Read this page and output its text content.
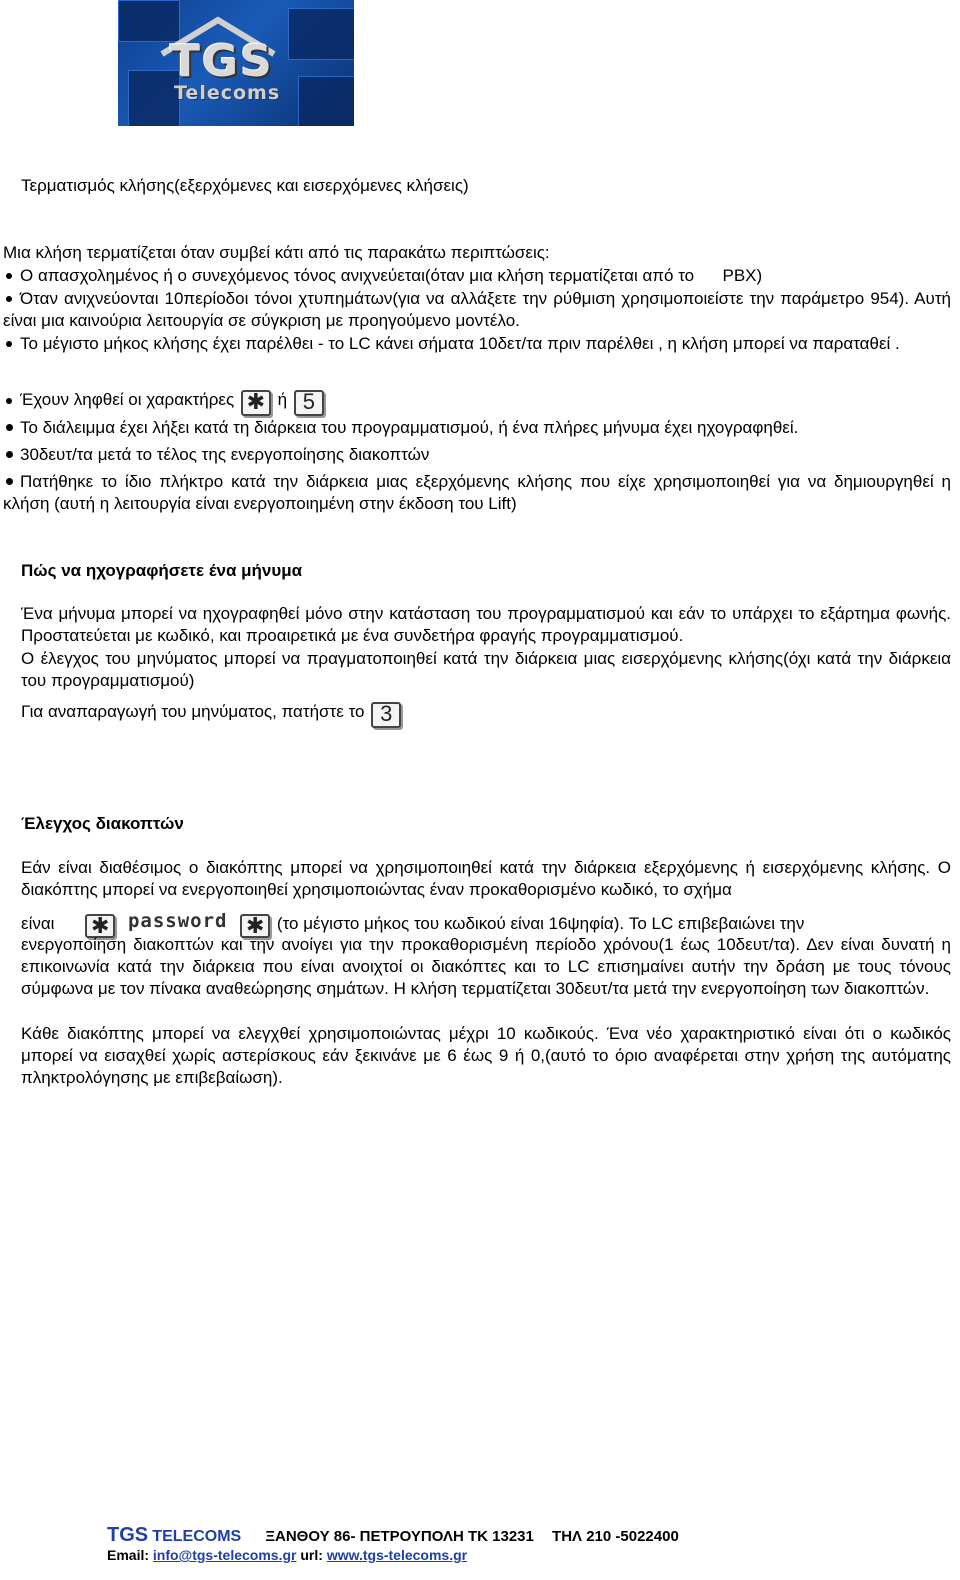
TGS
Telecoms
Τερματισμός κλήσης(εξερχόμενες και εισερχόμενες κλήσεις)

Μια κλήση τερματίζεται όταν συμβεί κάτι από τις παρακάτω περιπτώσεις:

Ο απασχολημένος ή ο συνεχόμενος τόνος ανιχνεύεται(όταν μια κλήση τερματίζεται από το      PBX)

Όταν ανιχνεύονται 10περίοδοι τόνοι χτυπημάτων(για να αλλάξετε την ρύθμιση χρησιμοποιείστε την παράμετρο 954). Αυτή είναι μια καινούρια λειτουργία σε σύγκριση με προηγούμενο μοντέλο.

Το μέγιστο μήκος κλήσης έχει παρέλθει - το LC κάνει σήματα 10δετ/τα πριν παρέλθει , η κλήση μπορεί να παραταθεί .

Έχουν ληφθεί οι χαρακτήρες ✱ ή 5

Το διάλειμμα έχει λήξει κατά τη διάρκεια του προγραμματισμού, ή ένα πλήρες μήνυμα έχει ηχογραφηθεί.

30δευτ/τα μετά το τέλος της ενεργοποίησης διακοπτών

Πατήθηκε το ίδιο πλήκτρο κατά την διάρκεια μιας εξερχόμενης κλήσης που είχε χρησιμοποιηθεί για να δημιουργηθεί η κλήση (αυτή η λειτουργία είναι ενεργοποιημένη στην έκδοση του Lift)

Πώς να ηχογραφήσετε ένα μήνυμα

Ένα μήνυμα μπορεί να ηχογραφηθεί μόνο στην κατάσταση του προγραμματισμού και εάν το υπάρχει το εξάρτημα φωνής. Προστατεύεται με κωδικό, και προαιρετικά με ένα συνδετήρα φραγής προγραμματισμού.

Ο έλεγχος του μηνύματος μπορεί να πραγματοποιηθεί κατά την διάρκεια μιας εισερχόμενης κλήσης(όχι κατά την διάρκεια του προγραμματισμού)

Για αναπαραγωγή του μηνύματος, πατήστε το 3

Έλεγχος διακοπτών

Εάν είναι διαθέσιμος ο διακόπτης μπορεί να χρησιμοποιηθεί κατά την διάρκεια εξερχόμενης ή εισερχόμενης κλήσης. Ο διακόπτης μπορεί να ενεργοποιηθεί χρησιμοποιώντας έναν προκαθορισμένο κωδικό, το σχήμα

είναι ✱ password ✱ (το μέγιστο μήκος του κωδικού είναι 16ψηφία). Το LC επιβεβαιώνει την

ενεργοποίηση διακοπτών και την ανοίγει για την προκαθορισμένη περίοδο χρόνου(1 έως 10δευτ/τα). Δεν είναι δυνατή η επικοινωνία κατά την διάρκεια που είναι ανοιχτοί οι διακόπτες και το LC επισημαίνει αυτήν την δράση με τους τόνους σύμφωνα με τον πίνακα αναθεώρησης σημάτων. Η κλήση τερματίζεται 30δευτ/τα μετά την ενεργοποίηση των διακοπτών.

Κάθε διακόπτης μπορεί να ελεγχθεί χρησιμοποιώντας μέχρι 10 κωδικούς. Ένα νέο χαρακτηριστικό είναι ότι ο κωδικός μπορεί να εισαχθεί χωρίς αστερίσκους εάν ξεκινάνε με 6 έως 9 ή 0,(αυτό το όριο αναφέρεται στην χρήση της αυτόματης πληκτρολόγησης με επιβεβαίωση).

TGS TELECOMS ΞΑΝΘΟΥ 86- ΠΕΤΡΟΥΠΟΛΗ ΤΚ 13231 ΤΗΛ 210 -5022400
Email: info@tgs-telecoms.gr url: www.tgs-telecoms.gr
